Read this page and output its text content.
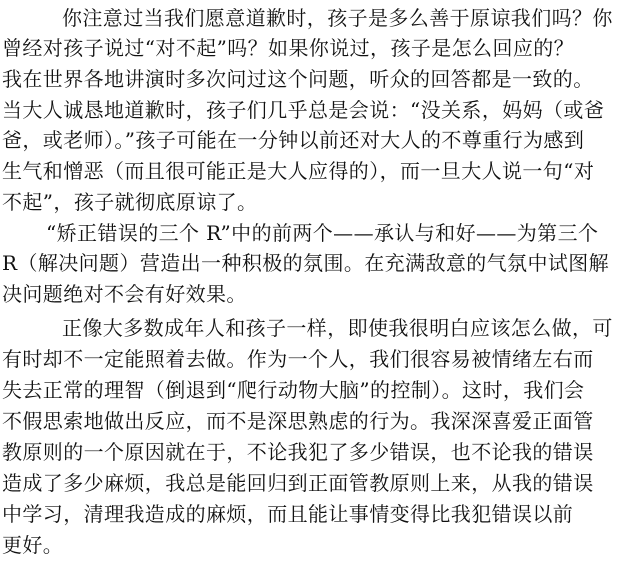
你注意过当我们愿意道歉时，孩子是多么善于原谅我们吗？你
曾经对孩子说过“对不起”吗？如果你说过，孩子是怎么回应的？
我在世界各地讲演时多次问过这个问题，听众的回答都是一致的。
当大人诚恳地道歉时，孩子们几乎总是会说：“没关系，妈妈（或爸
爸，或老师）。”孩子可能在一分钟以前还对大人的不尊重行为感到
生气和憎恶（而且很可能正是大人应得的），而一旦大人说一句“对
不起”，孩子就彻底原谅了。
“矫正错误的三个 R”中的前两个——承认与和好——为第三个
R（解决问题）营造出一种积极的氛围。在充满敌意的气氛中试图解
决问题绝对不会有好效果。
正像大多数成年人和孩子一样，即使我很明白应该怎么做，可
有时却不一定能照着去做。作为一个人，我们很容易被情绪左右而
失去正常的理智（倒退到“爬行动物大脑”的控制）。这时，我们会
不假思索地做出反应，而不是深思熟虑的行为。我深深喜爱正面管
教原则的一个原因就在于，不论我犯了多少错误，也不论我的错误
造成了多少麻烦，我总是能回归到正面管教原则上来，从我的错误
中学习，清理我造成的麻烦，而且能让事情变得比我犯错误以前
更好。
